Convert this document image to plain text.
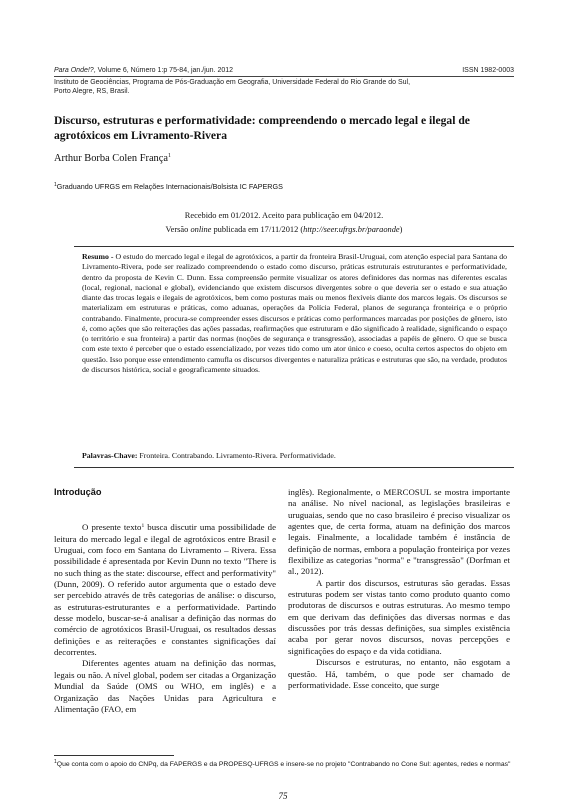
Para Onde!?, Volume 6, Número 1:p 75-84, jan./jun. 2012	ISSN 1982-0003
Instituto de Geociências, Programa de Pós-Graduação em Geografia, Universidade Federal do Rio Grande do Sul,
Porto Alegre, RS, Brasil.
Discurso, estruturas e performatividade: compreendendo o mercado legal e ilegal de agrotóxicos em Livramento-Rivera
Arthur Borba Colen França$^1$
$^1$Graduando UFRGS em Relações Internacionais/Bolsista IC FAPERGS
Recebido em 01/2012. Aceito para publicação em 04/2012.
Versão online publicada em 17/11/2012 (http://seer.ufrgs.br/paraonde)
Resumo - O estudo do mercado legal e ilegal de agrotóxicos, a partir da fronteira Brasil-Uruguai, com atenção especial para Santana do Livramento-Rivera, pode ser realizado compreendendo o estado como discurso, práticas estruturais estruturantes e performatividade, dentro da proposta de Kevin C. Dunn. Essa compreensão permite visualizar os atores definidores das normas nas diferentes escalas (local, regional, nacional e global), evidenciando que existem discursos divergentes sobre o que deveria ser o estado e sua atuação diante das trocas legais e ilegais de agrotóxicos, bem como posturas mais ou menos flexíveis diante dos marcos legais. Os discursos se materializam em estruturas e práticas, como aduanas, operações da Polícia Federal, planos de segurança fronteiriça e o próprio contrabando. Finalmente, procura-se compreender esses discursos e práticas como performances marcadas por posições de gênero, isto é, como ações que são reiterações das ações passadas, reafirmações que estruturam e dão significado à realidade, significando o espaço (o território e sua fronteira) a partir das normas (noções de segurança e transgressão), associadas a papéis de gênero. O que se busca com este texto é perceber que o estado essencializado, por vezes tido como um ator único e coeso, oculta certos aspectos do objeto em questão. Isso porque esse entendimento camufla os discursos divergentes e naturaliza práticas e estruturas que são, na verdade, produtos de discursos histórica, social e geograficamente situados.
Palavras-Chave: Fronteira. Contrabando. Livramento-Rivera. Performatividade.
Introdução

O presente texto$^1$ busca discutir uma possibilidade de leitura do mercado legal e ilegal de agrotóxicos entre Brasil e Uruguai, com foco em Santana do Livramento – Rivera. Essa possibilidade é apresentada por Kevin Dunn no texto "There is no such thing as the state: discourse, effect and performativity" (Dunn, 2009). O referido autor argumenta que o estado deve ser percebido através de três categorias de análise: o discurso, as estruturas-estruturantes e a performatividade. Partindo desse modelo, buscar-se-á analisar a definição das normas do comércio de agrotóxicos Brasil-Uruguai, os resultados dessas definições e as reiterações e constantes significações daí decorrentes.

Diferentes agentes atuam na definição das normas, legais ou não. A nível global, podem ser citadas a Organização Mundial da Saúde (OMS ou WHO, em inglês) e a Organização das Nações Unidas para Agricultura e Alimentação (FAO, em

inglês). Regionalmente, o MERCOSUL se mostra importante na análise. No nível nacional, as legislações brasileiras e uruguaias, sendo que no caso brasileiro é preciso visualizar os agentes que, de certa forma, atuam na definição dos marcos legais. Finalmente, a localidade também é instância de definição de normas, embora a população fronteiriça por vezes flexibilize as categorias "norma" e "transgressão" (Dorfman et al., 2012).

A partir dos discursos, estruturas são geradas. Essas estruturas podem ser vistas tanto como produto quanto como produtoras de discursos e outras estruturas. Ao mesmo tempo em que derivam das definições das diversas normas e das discussões por trás dessas definições, sua simples existência acaba por gerar novos discursos, novas percepções e significações do espaço e da vida cotidiana.

Discursos e estruturas, no entanto, não esgotam a questão. Há, também, o que pode ser chamado de performatividade. Esse conceito, que surge

$^1$Que conta com o apoio do CNPq, da FAPERGS e da PROPESQ-UFRGS e insere-se no projeto "Contrabando no Cone Sul: agentes, redes e normas"
75
